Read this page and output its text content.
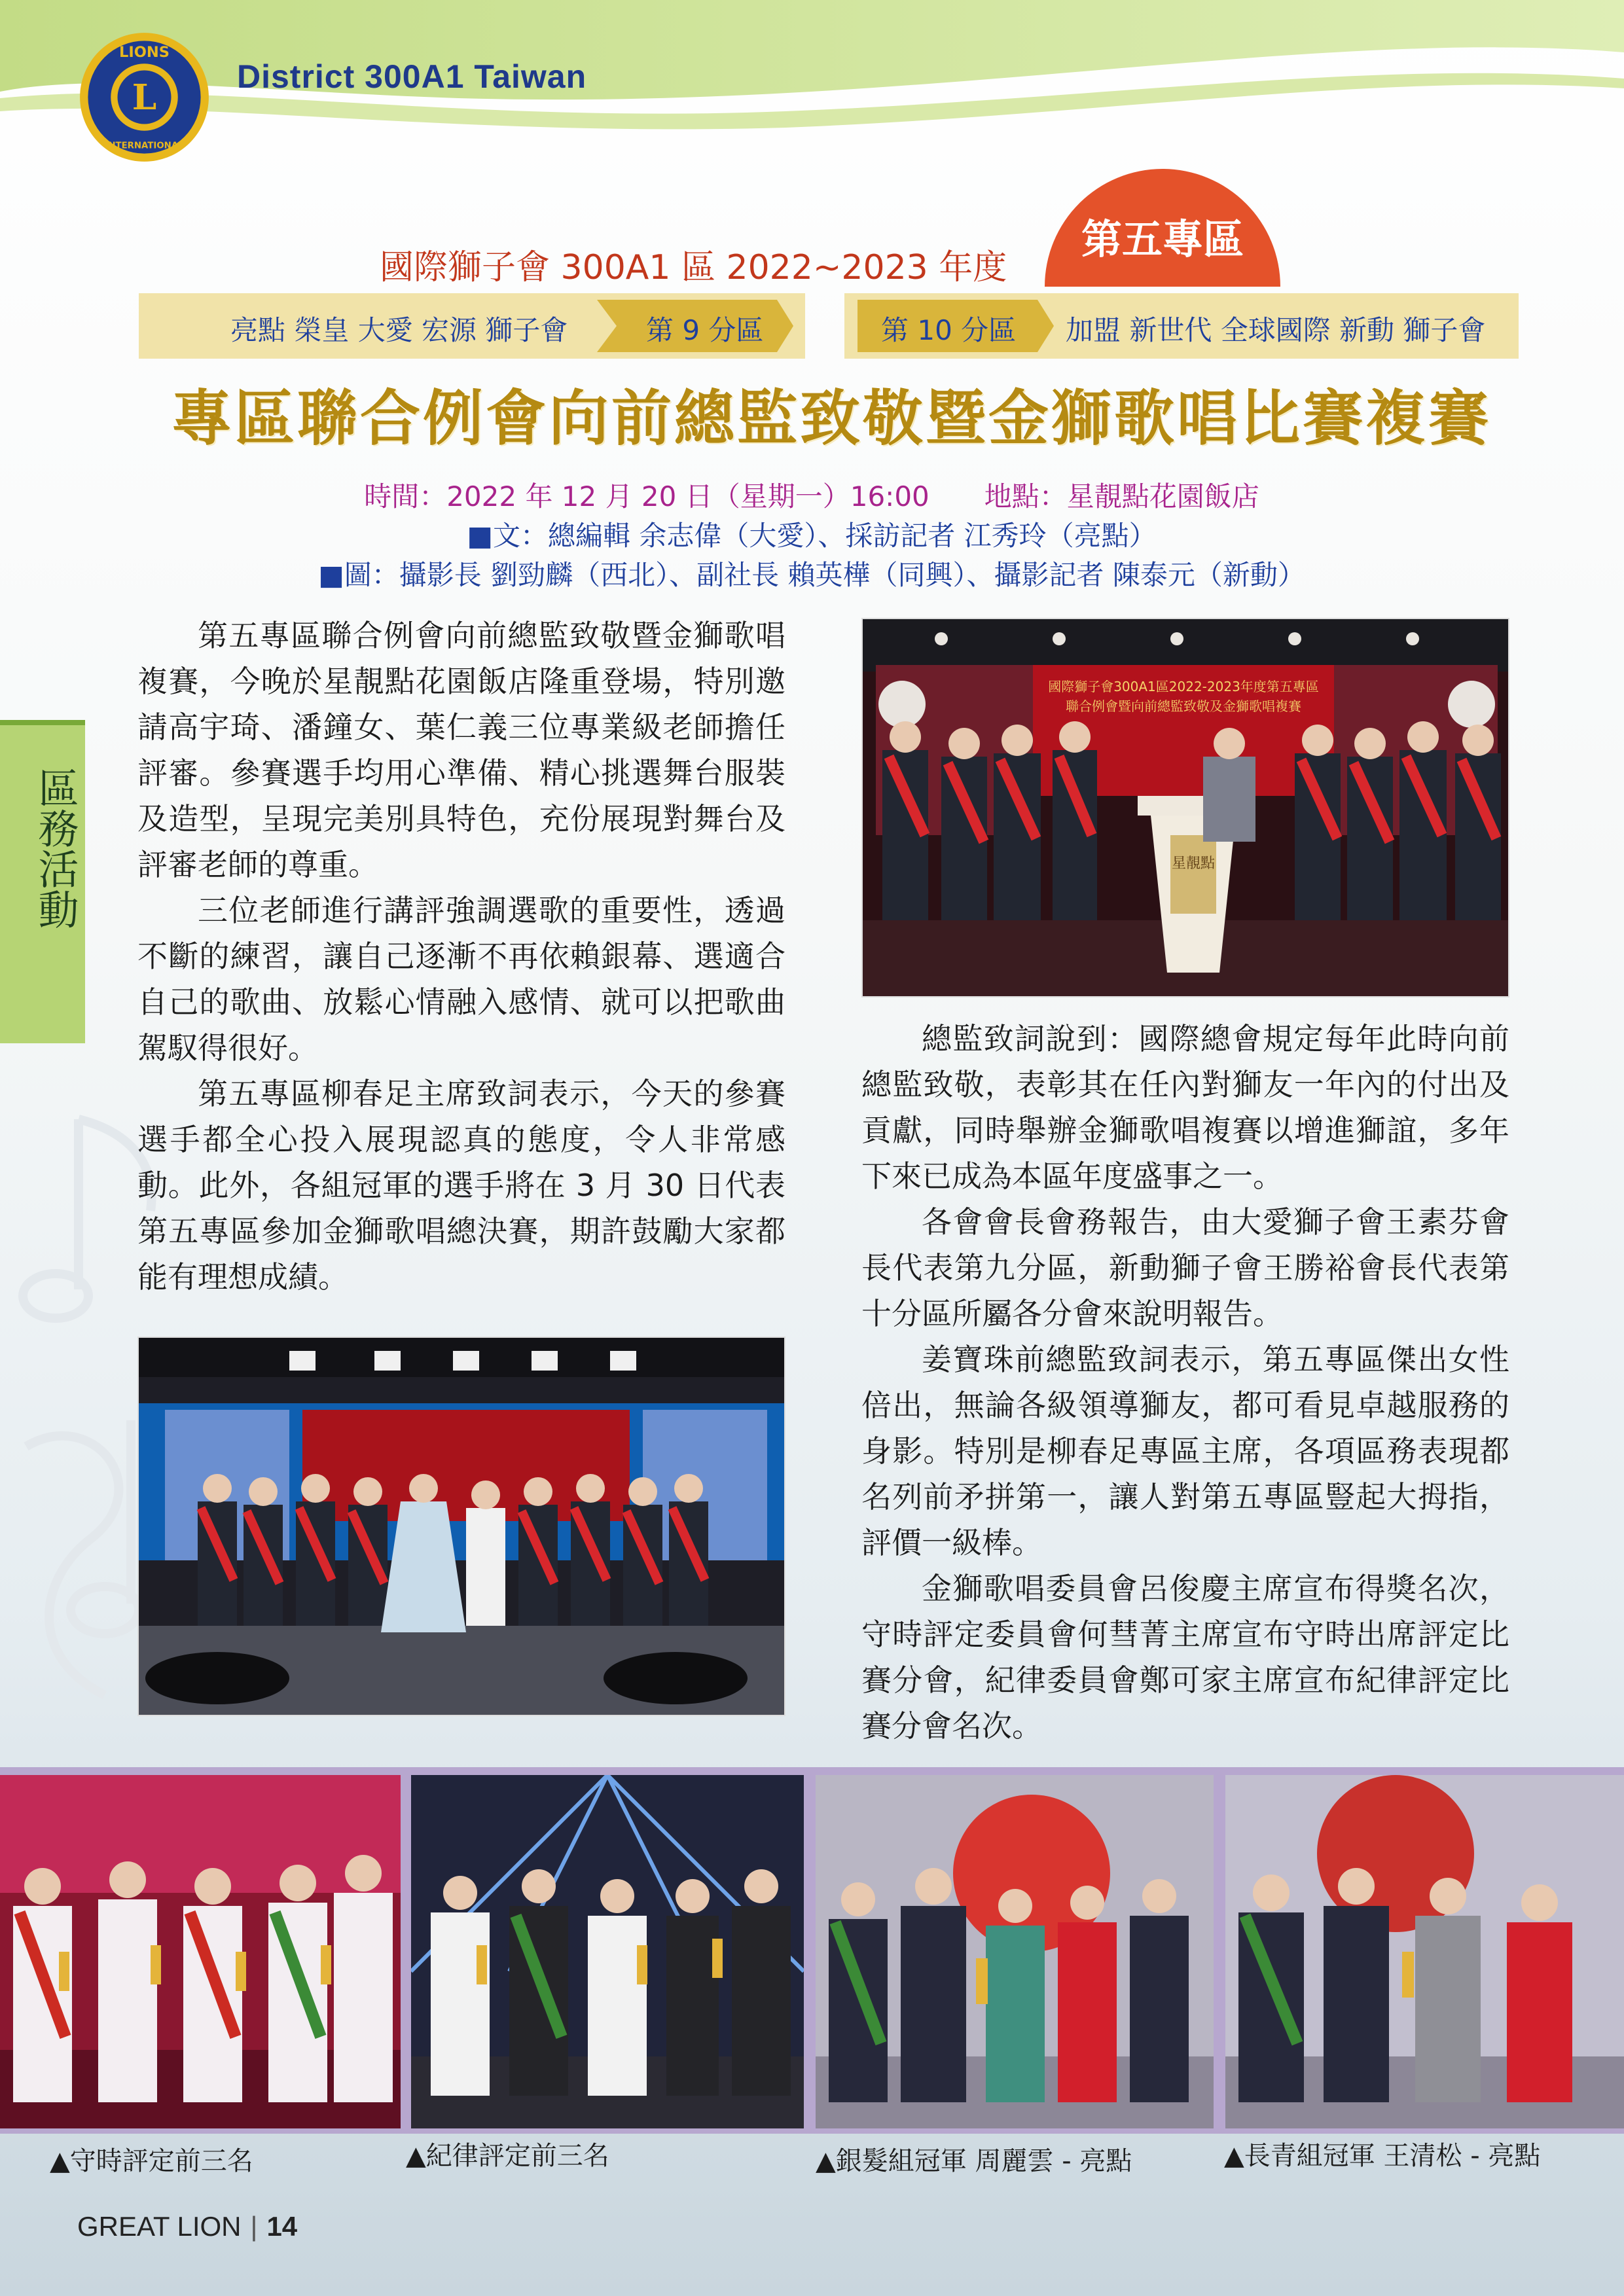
L
LIONS
INTERNATIONAL
District 300A1 Taiwan
第五專區
國際獅子會 300A1 區 2022~2023 年度
亮點 榮皇 大愛 宏源 獅子會	第 9 分區	第 10 分區 加盟 新世代 全球國際 新動 獅子會
專區聯合例會向前總監致敬暨金獅歌唱比賽複賽
時間：2022 年 12 月 20 日（星期一）16:00　　地點：星靚點花園飯店
■文：總編輯 余志偉（大愛）、採訪記者 江秀玲（亮點）
■圖：攝影長 劉勁麟（西北）、副社長 賴英樺（同興）、攝影記者 陳泰元（新動）
區務活動

第五專區聯合例會向前總監致敬暨金獅歌唱複賽，今晚於星靚點花園飯店隆重登場，特別邀請高宇琦、潘鐘女、葉仁義三位專業級老師擔任評審。參賽選手均用心準備、精心挑選舞台服裝及造型，呈現完美別具特色，充份展現對舞台及評審老師的尊重。

三位老師進行講評強調選歌的重要性，透過不斷的練習，讓自己逐漸不再依賴銀幕、選適合自己的歌曲、放鬆心情融入感情、就可以把歌曲駕馭得很好。

第五專區柳春足主席致詞表示，今天的參賽選手都全心投入展現認真的態度，令人非常感動。此外，各組冠軍的選手將在 3 月 30 日代表第五專區參加金獅歌唱總決賽，期許鼓勵大家都能有理想成績。

總監致詞說到：國際總會規定每年此時向前總監致敬，表彰其在任內對獅友一年內的付出及貢獻，同時舉辦金獅歌唱複賽以增進獅誼，多年下來已成為本區年度盛事之一。

各會會長會務報告，由大愛獅子會王素芬會長代表第九分區，新動獅子會王勝裕會長代表第十分區所屬各分會來說明報告。

姜寶珠前總監致詞表示，第五專區傑出女性倍出，無論各級領導獅友，都可看見卓越服務的身影。特別是柳春足專區主席，各項區務表現都名列前矛拼第一，讓人對第五專區豎起大拇指，評價一級棒。

金獅歌唱委員會呂俊慶主席宣布得獎名次，守時評定委員會何彗菁主席宣布守時出席評定比賽分會，紀律委員會鄭可家主席宣布紀律評定比賽分會名次。

國際獅子會300A1區2022-2023年度第五專區
聯合例會暨向前總監致敬及金獅歌唱複賽
星靚點
▲守時評定前三名	▲紀律評定前三名	▲銀髮組冠軍 周麗雲 - 亮點	▲長青組冠軍 王清松 - 亮點
GREAT LION | 14
